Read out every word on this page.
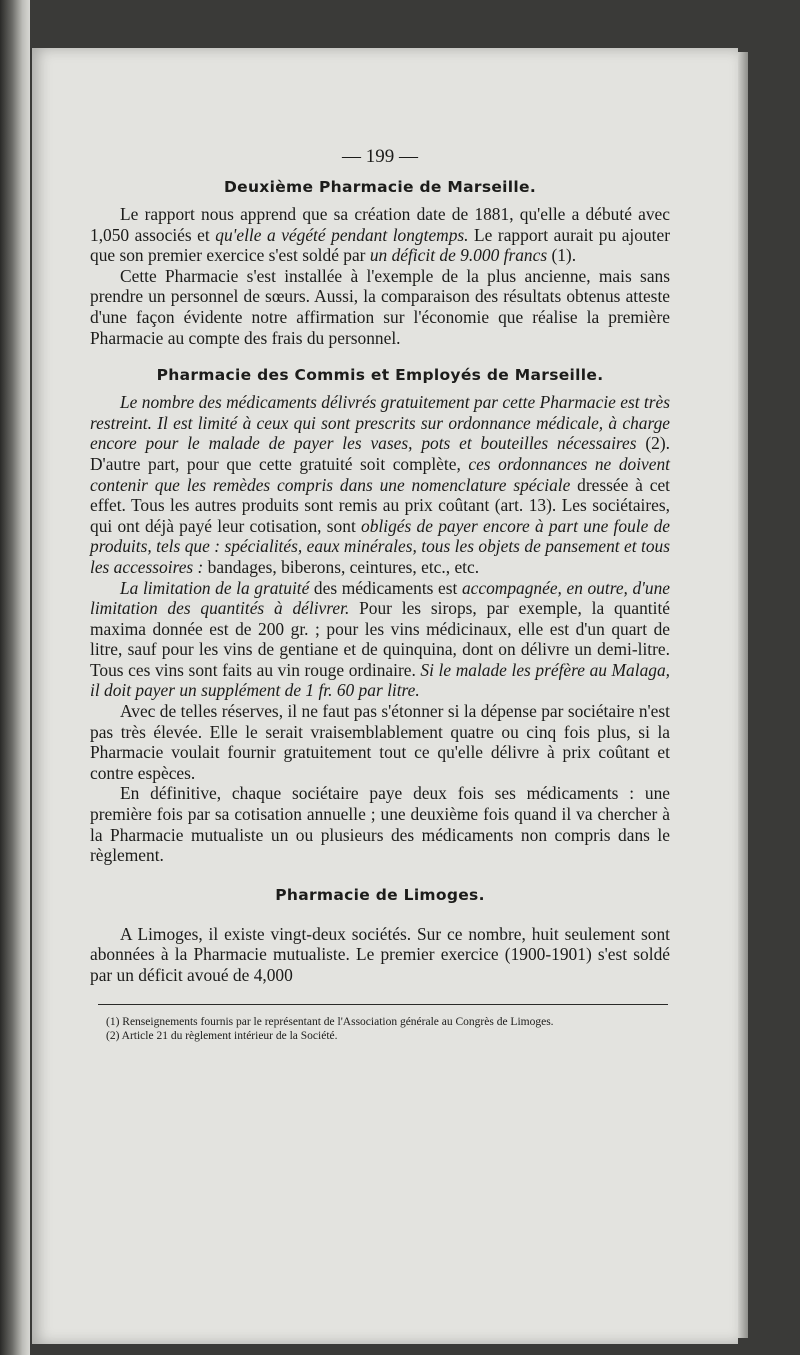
— 199 —
Deuxième Pharmacie de Marseille.

Le rapport nous apprend que sa création date de 1881, qu'elle a débuté avec 1,050 associés et qu'elle a végété pendant longtemps. Le rapport aurait pu ajouter que son premier exercice s'est soldé par un déficit de 9.000 francs (1).

Cette Pharmacie s'est installée à l'exemple de la plus ancienne, mais sans prendre un personnel de sœurs. Aussi, la comparaison des résultats obtenus atteste d'une façon évidente notre affirmation sur l'économie que réalise la première Pharmacie au compte des frais du personnel.

Pharmacie des Commis et Employés de Marseille.

Le nombre des médicaments délivrés gratuitement par cette Pharmacie est très restreint. Il est limité à ceux qui sont prescrits sur ordonnance médicale, à charge encore pour le malade de payer les vases, pots et bouteilles nécessaires (2). D'autre part, pour que cette gratuité soit complète, ces ordonnances ne doivent contenir que les remèdes compris dans une nomenclature spéciale dressée à cet effet. Tous les autres produits sont remis au prix coûtant (art. 13). Les sociétaires, qui ont déjà payé leur cotisation, sont obligés de payer encore à part une foule de produits, tels que : spécialités, eaux minérales, tous les objets de pansement et tous les accessoires : bandages, biberons, ceintures, etc., etc.

La limitation de la gratuité des médicaments est accompagnée, en outre, d'une limitation des quantités à délivrer. Pour les sirops, par exemple, la quantité maxima donnée est de 200 gr. ; pour les vins médicinaux, elle est d'un quart de litre, sauf pour les vins de gentiane et de quinquina, dont on délivre un demi-litre. Tous ces vins sont faits au vin rouge ordinaire. Si le malade les préfère au Malaga, il doit payer un supplément de 1 fr. 60 par litre.

Avec de telles réserves, il ne faut pas s'étonner si la dépense par sociétaire n'est pas très élevée. Elle le serait vraisemblablement quatre ou cinq fois plus, si la Pharmacie voulait fournir gratuitement tout ce qu'elle délivre à prix coûtant et contre espèces.

En définitive, chaque sociétaire paye deux fois ses médicaments : une première fois par sa cotisation annuelle ; une deuxième fois quand il va chercher à la Pharmacie mutualiste un ou plusieurs des médicaments non compris dans le règlement.

Pharmacie de Limoges.

A Limoges, il existe vingt-deux sociétés. Sur ce nombre, huit seulement sont abonnées à la Pharmacie mutualiste. Le premier exercice (1900-1901) s'est soldé par un déficit avoué de 4,000

(1) Renseignements fournis par le représentant de l'Association générale au Congrès de Limoges.

(2) Article 21 du règlement intérieur de la Société.
